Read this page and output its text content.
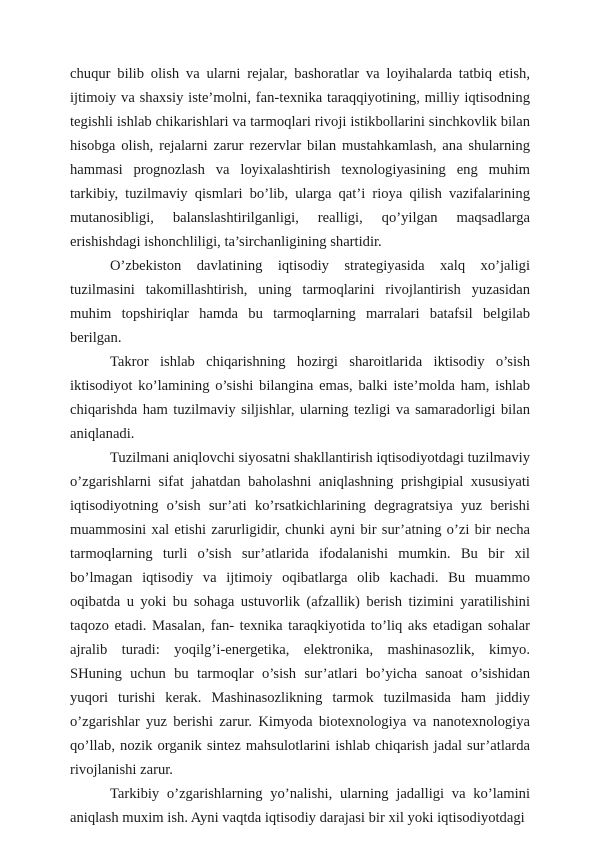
chuqur bilib olish va ularni rejalar, bashoratlar va loyihalarda tatbiq etish, ijtimoiy va shaxsiy iste’molni, fan-texnika taraqqiyotining, milliy iqtisodning tegishli ishlab chikarishlari va tarmoqlari rivoji istikbollarini sinchkovlik bilan hisobga olish, rejalarni zarur rezervlar bilan mustahkamlash, ana shularning hammasi prognozlash va loyixalashtirish texnologiyasining eng muhim tarkibiy, tuzilmaviy qismlari bo’lib, ularga qat’i rioya qilish vazifalarining mutanosibligi, balanslashtirilganligi, realligi, qo’yilgan maqsadlarga erishishdagi ishonchliligi, ta’sirchanligining shartidir.

O’zbekiston davlatining iqtisodiy strategiyasida xalq xo’jaligi tuzilmasini takomillashtirish, uning tarmoqlarini rivojlantirish yuzasidan muhim topshiriqlar hamda bu tarmoqlarning marralari batafsil belgilab berilgan.

Takror ishlab chiqarishning hozirgi sharoitlarida iktisodiy o’sish iktisodiyot ko’lamining o’sishi bilangina emas, balki iste’molda ham, ishlab chiqarishda ham tuzilmaviy siljishlar, ularning tezligi va samaradorligi bilan aniqlanadi.

Tuzilmani aniqlovchi siyosatni shakllantirish iqtisodiyotdagi tuzilmaviy o’zgarishlarni sifat jahatdan baholashni aniqlashning prishgipial xususiyati iqtisodiyotning o’sish sur’ati ko’rsatkichlarining degragratsiya yuz berishi muammosini xal etishi zarurligidir, chunki ayni bir sur’atning o’zi bir necha tarmoqlarning turli o’sish sur’atlarida ifodalanishi mumkin. Bu bir xil bo’lmagan iqtisodiy va ijtimoiy oqibatlarga olib kachadi. Bu muammo oqibatda u yoki bu sohaga ustuvorlik (afzallik) berish tizimini yaratilishini taqozo etadi. Masalan, fan- texnika taraqkiyotida to’liq aks etadigan sohalar ajralib turadi: yoqilg’i-energetika, elektronika, mashinasozlik, kimyo. SHuning uchun bu tarmoqlar o’sish sur’atlari bo’yicha sanoat o’sishidan yuqori turishi kerak. Mashinasozlikning tarmok tuzilmasida ham jiddiy o’zgarishlar yuz berishi zarur. Kimyoda biotexnologiya va nanotexnologiya qo’llab, nozik organik sintez mahsulotlarini ishlab chiqarish jadal sur’atlarda rivojlanishi zarur.

Tarkibiy o’zgarishlarning yo’nalishi, ularning jadalligi va ko’lamini aniqlash muxim ish. Ayni vaqtda iqtisodiy darajasi bir xil yoki iqtisodiyotdagi
